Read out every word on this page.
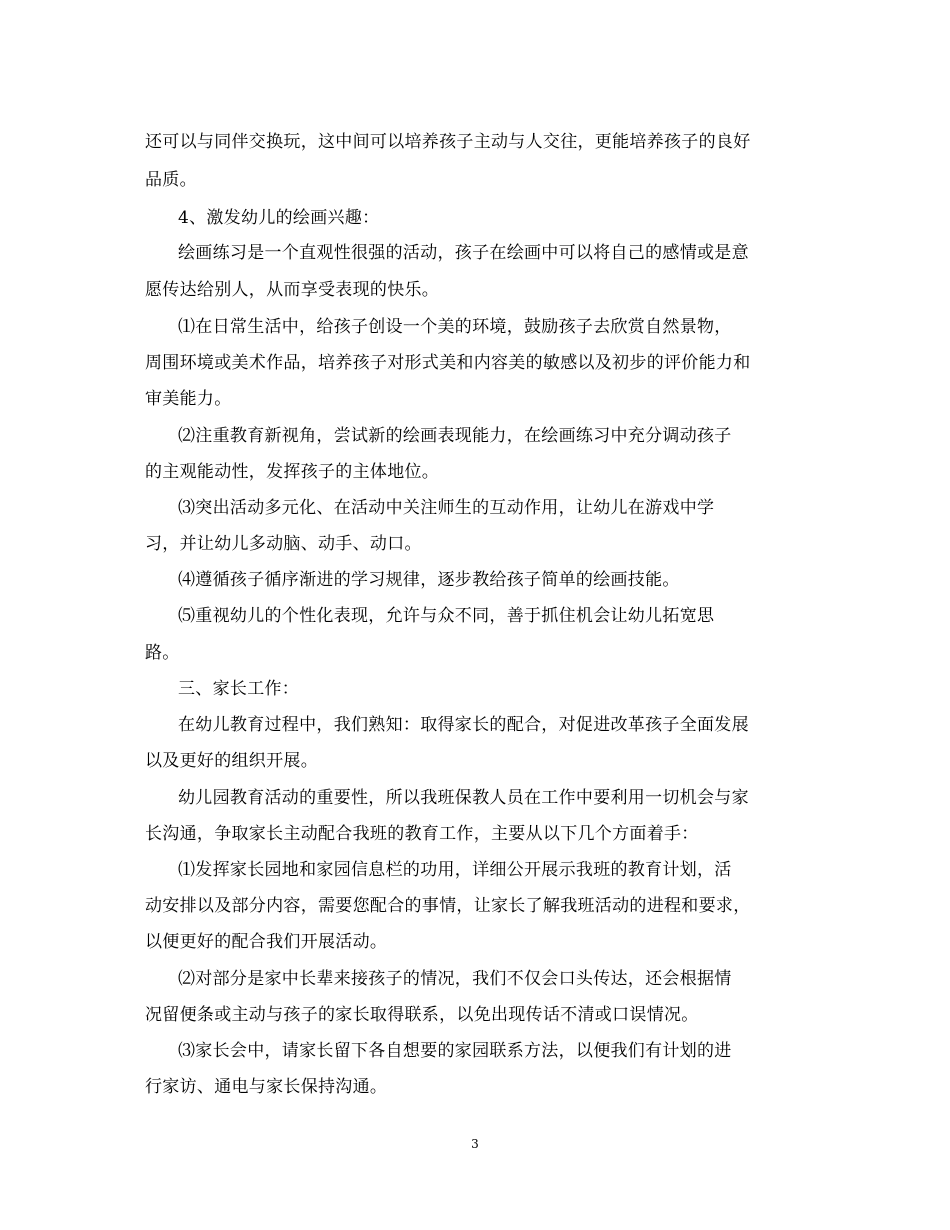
还可以与同伴交换玩，这中间可以培养孩子主动与人交往，更能培养孩子的良好
品质。
4、激发幼儿的绘画兴趣：
绘画练习是一个直观性很强的活动，孩子在绘画中可以将自己的感情或是意
愿传达给别人，从而享受表现的快乐。
⑴在日常生活中，给孩子创设一个美的环境，鼓励孩子去欣赏自然景物，
周围环境或美术作品，培养孩子对形式美和内容美的敏感以及初步的评价能力和
审美能力。
⑵注重教育新视角，尝试新的绘画表现能力，在绘画练习中充分调动孩子
的主观能动性，发挥孩子的主体地位。
⑶突出活动多元化、在活动中关注师生的互动作用，让幼儿在游戏中学
习，并让幼儿多动脑、动手、动口。
⑷遵循孩子循序渐进的学习规律，逐步教给孩子简单的绘画技能。
⑸重视幼儿的个性化表现，允许与众不同，善于抓住机会让幼儿拓宽思
路。
三、家长工作：
在幼儿教育过程中，我们熟知：取得家长的配合，对促进改革孩子全面发展
以及更好的组织开展。
幼儿园教育活动的重要性，所以我班保教人员在工作中要利用一切机会与家
长沟通，争取家长主动配合我班的教育工作，主要从以下几个方面着手：
⑴发挥家长园地和家园信息栏的功用，详细公开展示我班的教育计划，活
动安排以及部分内容，需要您配合的事情，让家长了解我班活动的进程和要求，
以便更好的配合我们开展活动。
⑵对部分是家中长辈来接孩子的情况，我们不仅会口头传达，还会根据情
况留便条或主动与孩子的家长取得联系，以免出现传话不清或口误情况。
⑶家长会中，请家长留下各自想要的家园联系方法，以便我们有计划的进
行家访、通电与家长保持沟通。
3
